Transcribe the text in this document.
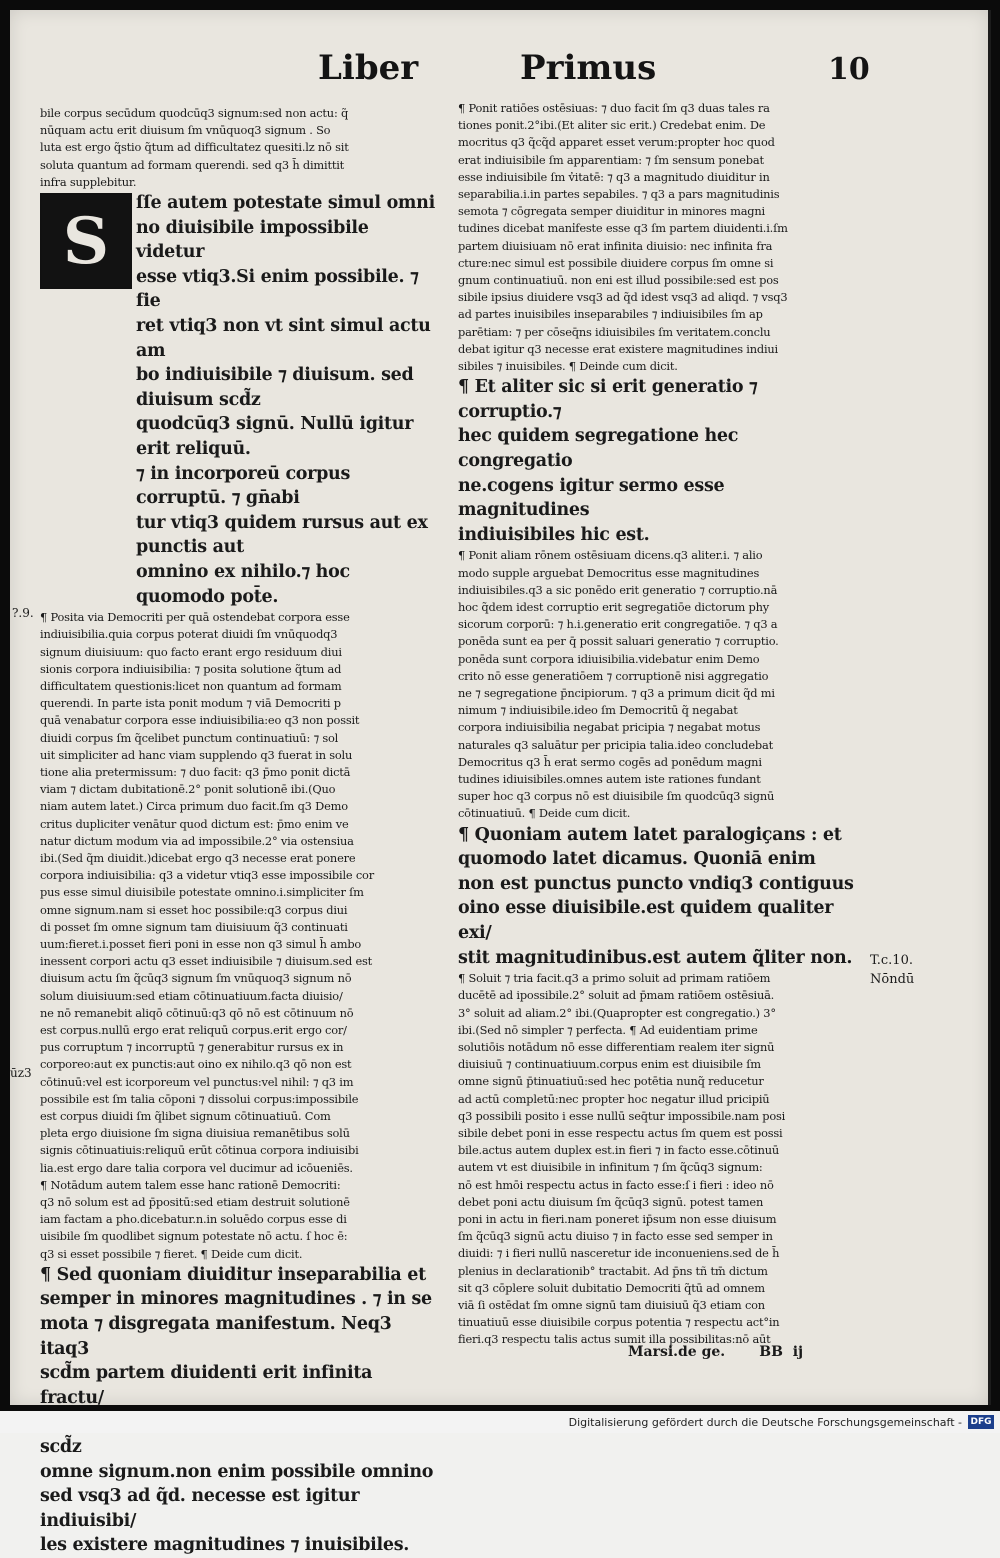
Liber	Primus	10

bile corpus secūdum quodcūq3 signum:sed non actu: q̃
nūquam actu erit diuisum ſm vnūquoq3 signum . So
luta est ergo q̃stio q̃tum ad difficultatez quesiti.lz nō sit
soluta quantum ad formam querendi. sed q3 h̄ dimittit
infra supplebitur.

S

ſſe autem potestate simul omni
no diuisibile impossibile videtur
esse vtiq3.Si enim possibile. ⁊ fie
ret vtiq3 non vt sint simul actu am
bo indiuisibile ⁊ diuisum. sed diuisum scd̃z
quodcūq3 signū. Nullū igitur erit reliquū.
⁊ in incorporeū corpus corruptū. ⁊ gn̄abi
tur vtiq3 quidem rursus aut ex punctis aut
omnino ex nihilo.⁊ hoc quomodo pot̄e.

¶ Posita via Democriti per quā ostendebat corpora esse
indiuisibilia.quia corpus poterat diuidi ſm vnūquodq3
signum diuisiuum: quo facto erant ergo residuum diui
sionis corpora indiuisibilia: ⁊ posita solutione q̃tum ad
difficultatem questionis:licet non quantum ad formam
querendi. In parte ista ponit modum ⁊ viā Democriti p
quā venabatur corpora esse indiuisibilia:eo q3 non possit
diuidi corpus ſm q̃celibet punctum continuatiuū: ⁊ sol
uit simpliciter ad hanc viam supplendo q3 fuerat in solu
tione alia pretermissum: ⁊ duo facit: q3 p̄mo ponit dictā
viam ⁊ dictam dubitationē.2° ponit solutionē ibi.(Quo
niam autem latet.) Circa primum duo facit.ſm q3 Demo
critus dupliciter venātur quod dictum est: p̄mo enim ve
natur dictum modum via ad impossibile.2° via ostensiua
ibi.(Sed q̃m diuidit.)dicebat ergo q3 necesse erat ponere
corpora indiuisibilia: q3 a videtur vtiq3 esse impossibile cor
pus esse simul diuisibile potestate omnino.i.simpliciter ſm
omne signum.nam si esset hoc possibile:q3 corpus diui
di posset ſm omne signum tam diuisiuum q̃3 continuati
uum:fieret.i.posset fieri poni in esse non q3 simul h̄ ambo
inessent corpori actu q3 esset indiuisibile ⁊ diuisum.sed est
diuisum actu ſm q̃cūq3 signum ſm vnūquoq3 signum nō
solum diuisiuum:sed etiam cōtinuatiuum.facta diuisio/
ne nō remanebit aliqō cōtinuū:q3 qō nō est cōtinuum nō
est corpus.nullū ergo erat reliquū corpus.erit ergo cor/
pus corruptum ⁊ incorruptū ⁊ generabitur rursus ex in
corporeo:aut ex punctis:aut oino ex nihilo.q3 qō non est
cōtinuū:vel est icorporeum vel punctus:vel nihil: ⁊ q3 im
possibile est ſm talia cōponi ⁊ dissolui corpus:impossibile
est corpus diuidi ſm q̃libet signum cōtinuatiuū. Com
pleta ergo diuisione ſm signa diuisiua remanētibus solū
signis cōtinuatiuis:reliquū erūt cōtinua corpora indiuisibi
lia.est ergo dare talia corpora vel ducimur ad icōueniēs.
¶ Notādum autem talem esse hanc rationē Democriti:
q3 nō solum est ad p̄positū:sed etiam destruit solutionē
iam factam a pho.dicebatur.n.in soluēdo corpus esse di
uisibile ſm quodlibet signum potestate nō actu. ſ hoc ē:
q3 si esset possibile ⁊ fieret. ¶ Deide cum dicit.

¶ Sed quoniam diuiditur inseparabilia et
semper in minores magnitudines . ⁊ in se
mota ⁊ disgregata manifestum. Neq3 itaq3
scd̃m partem diuidenti erit infinita fractu/
scd̃z
omne signum.non enim possibile omnino
sed vsq3 ad q̃d. necesse est igitur indiuisibi/
les existere magnitudines ⁊ inuisibiles.

¶ Ponit ratiōes ostēsiuas: ⁊ duo facit ſm q3 duas tales ra
tiones ponit.2°ibi.(Et aliter sic erit.) Credebat enim. De
mocritus q3 q̃cq̃d apparet esset verum:propter hoc quod
erat indiuisibile ſm apparentiam: ⁊ ſm sensum ponebat
esse indiuisibile ſm v̓itatē: ⁊ q3 a magnitudo diuiditur in
separabilia.i.in partes sepabiles. ⁊ q3 a pars magnitudinis
semota ⁊ cōgregata semper diuiditur in minores magni
tudines dicebat mani̓feste esse q3 ſm partem diuidenti.i.ſm
partem diuisiuam nō erat infinita diuisio: nec infinita fra
cture:nec simul est possibile diuidere corpus ſm omne si
gnum continuatiuū. non eni est illud possibile:sed est pos
sibile ipsius diuidere vsq3 ad q̃d idest vsq3 ad aliqd. ⁊ vsq3
ad partes inuisibiles inseparabiles ⁊ indiuisibiles ſm ap
parētiam: ⁊ per cōseq̄ns idiuisibiles ſm veritatem.conclu
debat igitur q3 necesse erat existere magnitudines indiui
sibiles ⁊ inuisibiles. ¶ Deinde cum dicit.

¶ Et aliter sic si erit generatio ⁊ corruptio.⁊
hec quidem segregatione hec congregatio
ne.cogens igitur sermo esse magnitudines
indiuisibiles hic est.

¶ Ponit aliam rōnem ostēsiuam dicens.q3 aliter.i. ⁊ alio
modo supple arguebat Democritus esse magnitudines
indiuisibiles.q3 a sic ponēdo erit generatio ⁊ corruptio.nā
hoc q̃dem idest corruptio erit segregatiōe dictorum phy
sicorum corporū: ⁊ h.i.generatio erit congregatiōe. ⁊ q3 a
ponēda sunt ea per q̄ possit saluari generatio ⁊ corruptio.
ponēda sunt corpora idiuisibilia.videbatur enim Demo
crito nō esse generatiōem ⁊ corruptionē nisi aggregatio
ne ⁊ segregatione p̄ncipiorum. ⁊ q3 a primum dicit q̃d mi
nimum ⁊ indiuisibile.ideo ſm Democritū q̃ negabat
corpora indiuisibilia negabat pricipia ⁊ negabat motus
naturales q3 saluātur per pricipia talia.ideo concludebat
Democritus q3 h̄ erat sermo cogēs ad ponēdum magni
tudines idiuisibiles.omnes autem iste rationes fundant
super hoc q3 corpus nō est diuisibile ſm quodcūq3 signū
cōtinuatiuū. ¶ Deide cum dicit.

¶ Quoniam autem latet paralogiçans : et
quomodo latet dicamus. Quoniā enim
non est punctus puncto vndiq3 contiguus
oino esse diuisibile.est quidem qualiter exi/
stit magnitudinibus.est autem q̃liter non.

¶ Soluit ⁊ tria facit.q3 a primo soluit ad primam ratiōem
ducētē ad ipossibile.2° soluit ad p̄mam ratiōem ostēsiuā.
3° soluit ad aliam.2° ibi.(Quapropter est congregatio.) 3°
ibi.(Sed nō simpler ⁊ perfecta. ¶ Ad euidentiam prime
solutiōis notādum nō esse differentiam realem iter signū
diuisiuū ⁊ continuatiuum.corpus enim est diuisibile ſm
omne signū p̄tinuatiuū:sed hec potētia nunq̃ reducetur
ad actū completū:nec propter hoc negatur illud pricipiū
q3 possibili posito i esse nullū seq̄tur impossibile.nam posi
sibile debet poni in esse respectu actus ſm quem est possi
bile.actus autem duplex est.in fieri ⁊ in facto esse.cōtinuū
autem vt est diuisibile in infinitum ⁊ ſm q̃cūq3 signum:
nō est hmōi respectu actus in facto esse:ſ i fieri : ideo nō
debet poni actu diuisum ſm q̃cūq3 signū. potest tamen
poni in actu in fieri.nam poneret ip̄sum non esse diuisum
ſm q̃cūq3 signū actu diuiso ⁊ in facto esse sed semper in
diuidi: ⁊ i fieri nullū nasceretur ide inconueniens.sed de h̄
plenius in declarationib° tractabit. Ad p̄ns tñ tm̄ dictum
sit q3 cōplere soluit dubitatio Democriti q̃tū ad omnem
viā ſi ostēdat ſm omne signū tam diuisiuū q̃3 etiam con
tinuatiuū esse diuisibile corpus potentia ⁊ respectu act°in
fieri.q3 respectu talis actus sumit illa possibilitas:nō aūt

?.9.
ūz3
T.c.10.
Nōndū
Marsi.de ge.       BB  ij
Digitalisierung gefördert durch die Deutsche Forschungsgemeinschaft - DFG
